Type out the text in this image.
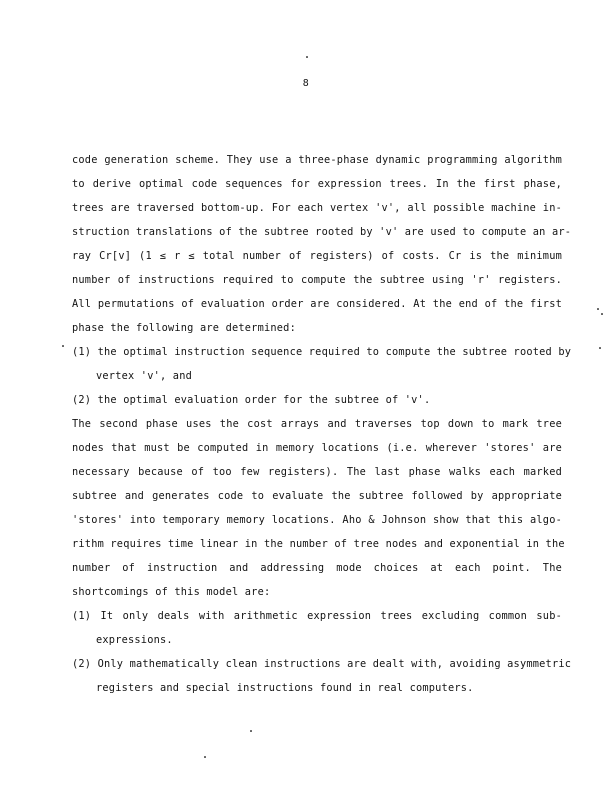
8
code generation scheme. They use a three-phase dynamic programming algorithm
to derive optimal code sequences for expression trees. In the first phase,
trees are traversed bottom-up. For each vertex 'v', all possible machine in-
struction translations of the subtree rooted by 'v' are used to compute an ar-
ray Cr[v] (1 ≤ r ≤ total number of registers) of costs. Cr is the minimum
number of instructions required to compute the subtree using 'r' registers.
All permutations of evaluation order are considered. At the end of the first
phase the following are determined:
(1) the optimal instruction sequence required to compute the subtree rooted by
vertex 'v', and
(2) the optimal evaluation order for the subtree of 'v'.
The second phase uses the cost arrays and traverses top down to mark tree
nodes that must be computed in memory locations (i.e. wherever 'stores' are
necessary because of too few registers). The last phase walks each marked
subtree and generates code to evaluate the subtree followed by appropriate
'stores' into temporary memory locations. Aho & Johnson show that this algo-
rithm requires time linear in the number of tree nodes and exponential in the
number of instruction and addressing mode choices at each point. The
shortcomings of this model are:
(1) It only deals with arithmetic expression trees excluding common sub-
expressions.
(2) Only mathematically clean instructions are dealt with, avoiding asymmetric
registers and special instructions found in real computers.
